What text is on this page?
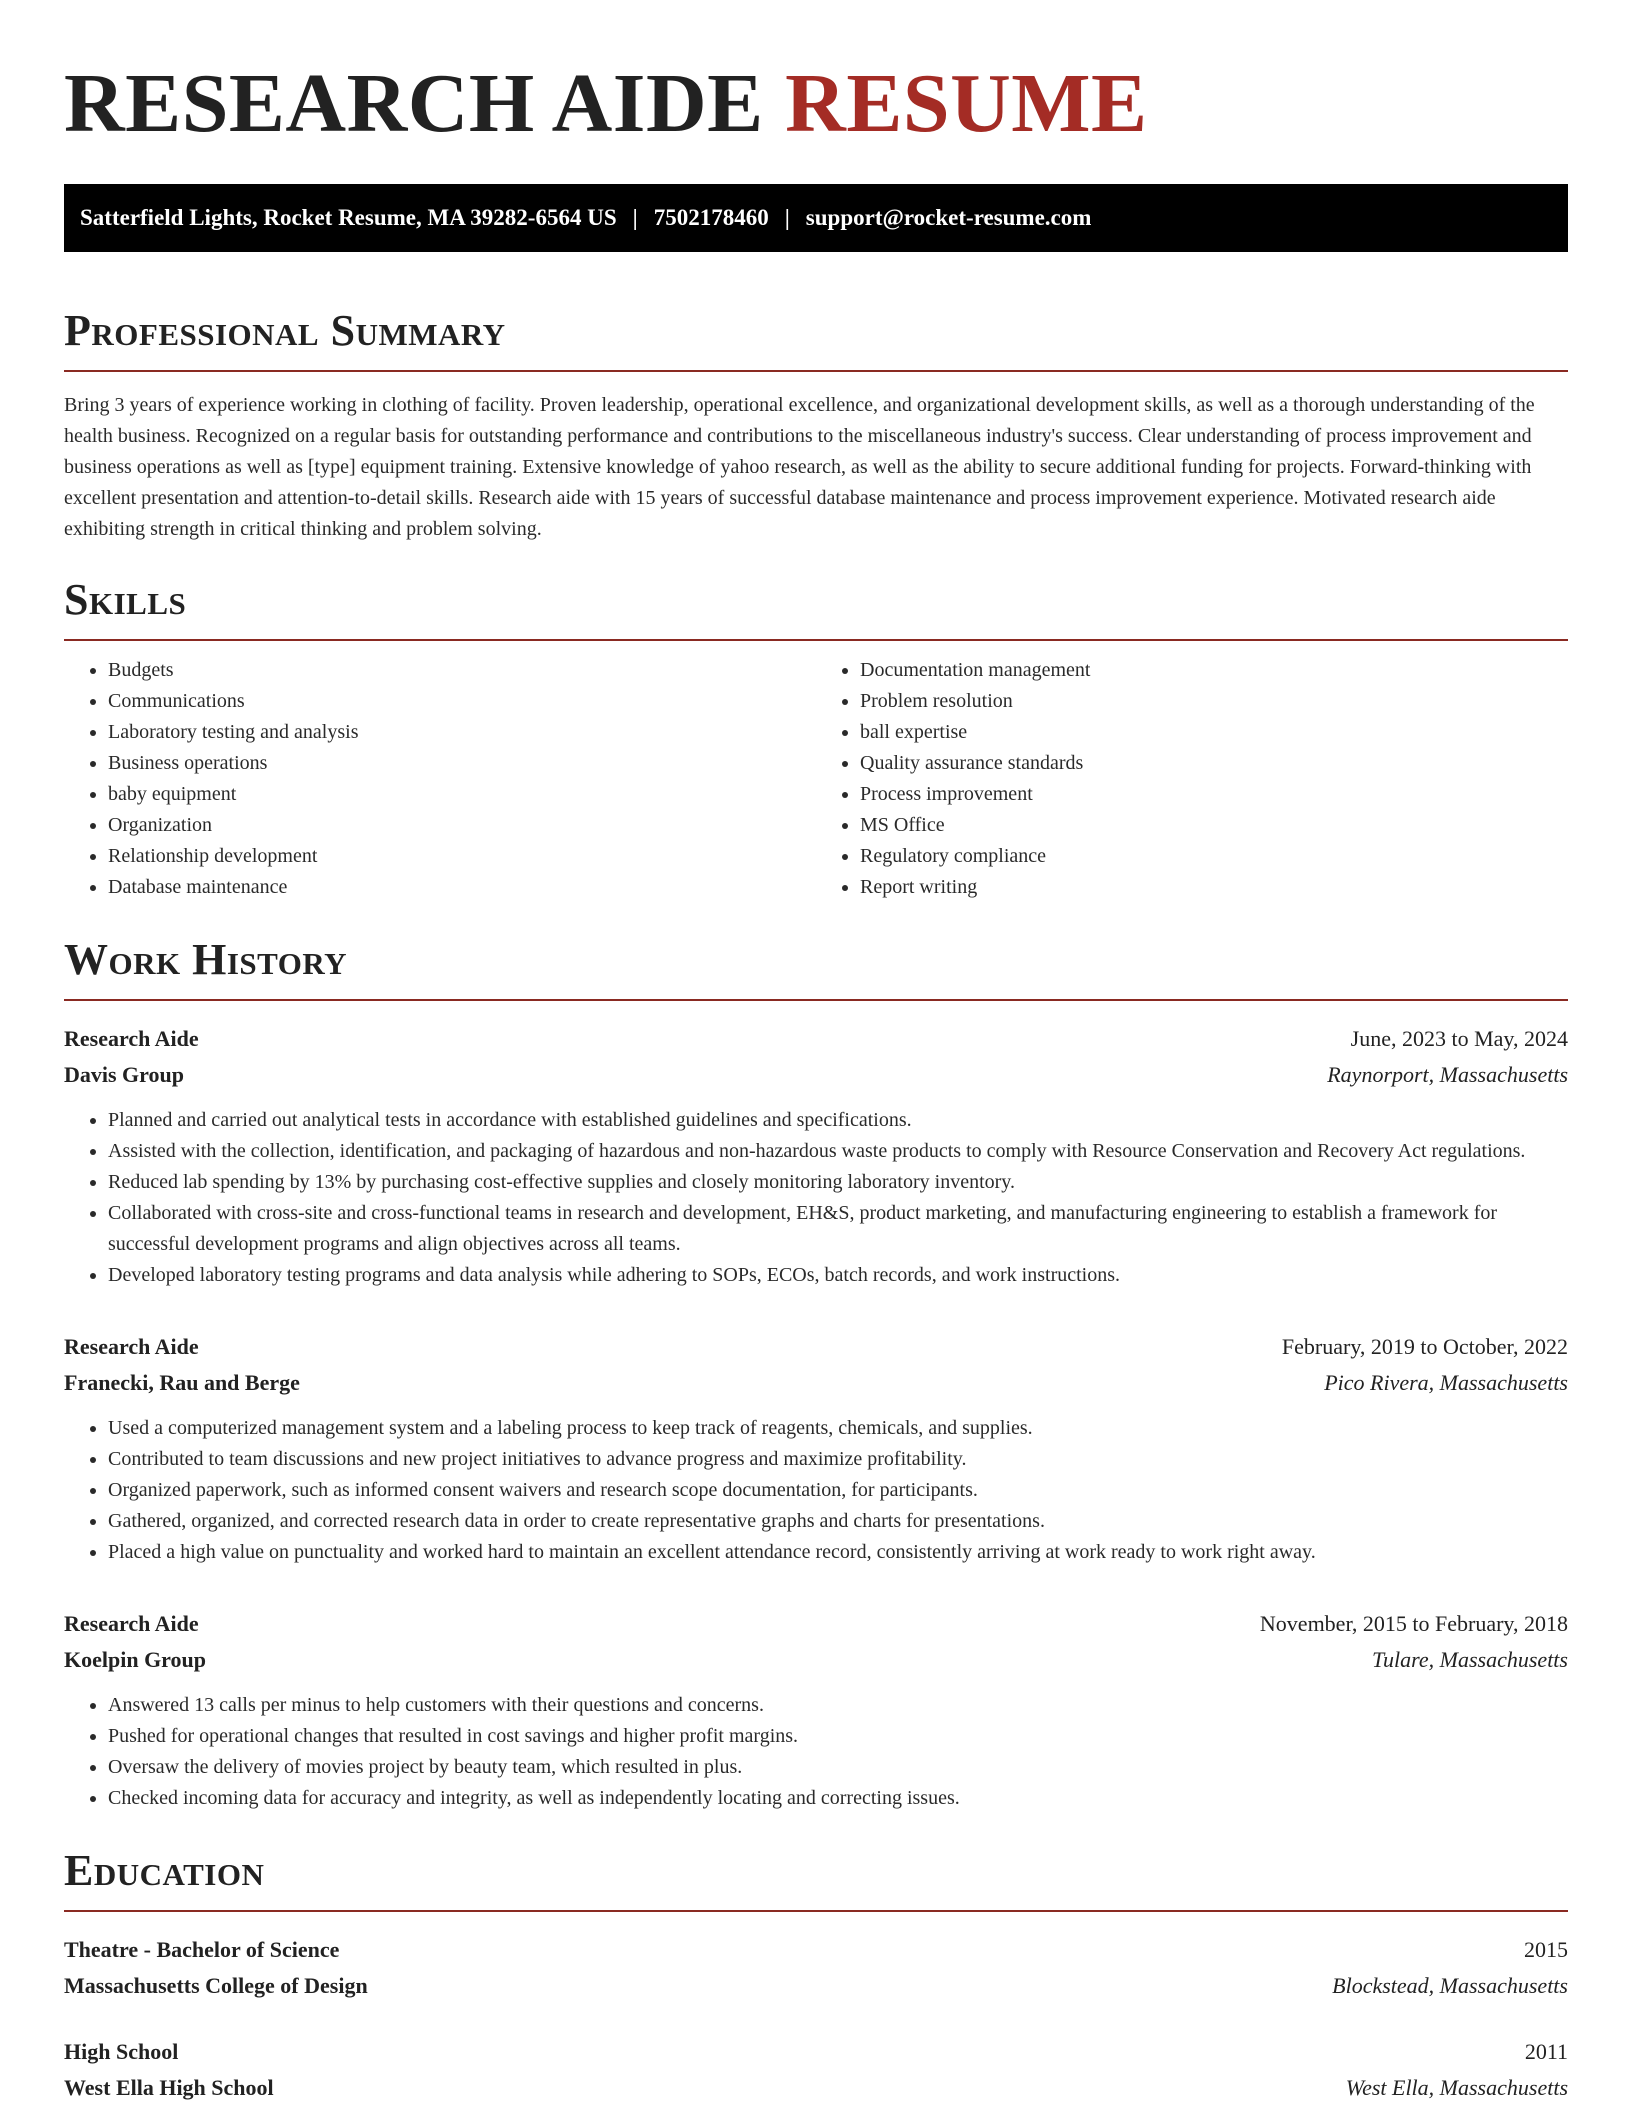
RESEARCH AIDE RESUME
Satterfield Lights, Rocket Resume, MA 39282-6564 US | 7502178460 | support@rocket-resume.com
Professional Summary

Bring 3 years of experience working in clothing of facility. Proven leadership, operational excellence, and organizational development skills, as well as a thorough understanding of the health business. Recognized on a regular basis for outstanding performance and contributions to the miscellaneous industry's success. Clear understanding of process improvement and business operations as well as [type] equipment training. Extensive knowledge of yahoo research, as well as the ability to secure additional funding for projects. Forward-thinking with excellent presentation and attention-to-detail skills. Research aide with 15 years of successful database maintenance and process improvement experience. Motivated research aide exhibiting strength in critical thinking and problem solving.

Skills
• Budgets
• Communications
• Laboratory testing and analysis
• Business operations
• baby equipment
• Organization
• Relationship development
• Database maintenance
• Documentation management
• Problem resolution
• ball expertise
• Quality assurance standards
• Process improvement
• MS Office
• Regulatory compliance
• Report writing
Work History
Research Aide	June, 2023 to May, 2024
Davis Group	Raynorport, Massachusetts
• Planned and carried out analytical tests in accordance with established guidelines and specifications.
• Assisted with the collection, identification, and packaging of hazardous and non-hazardous waste products to comply with Resource Conservation and Recovery Act regulations.
• Reduced lab spending by 13% by purchasing cost-effective supplies and closely monitoring laboratory inventory.
• Collaborated with cross-site and cross-functional teams in research and development, EH&S, product marketing, and manufacturing engineering to establish a framework for successful development programs and align objectives across all teams.
• Developed laboratory testing programs and data analysis while adhering to SOPs, ECOs, batch records, and work instructions.
Research Aide	February, 2019 to October, 2022
Franecki, Rau and Berge	Pico Rivera, Massachusetts
• Used a computerized management system and a labeling process to keep track of reagents, chemicals, and supplies.
• Contributed to team discussions and new project initiatives to advance progress and maximize profitability.
• Organized paperwork, such as informed consent waivers and research scope documentation, for participants.
• Gathered, organized, and corrected research data in order to create representative graphs and charts for presentations.
• Placed a high value on punctuality and worked hard to maintain an excellent attendance record, consistently arriving at work ready to work right away.
Research Aide	November, 2015 to February, 2018
Koelpin Group	Tulare, Massachusetts
• Answered 13 calls per minus to help customers with their questions and concerns.
• Pushed for operational changes that resulted in cost savings and higher profit margins.
• Oversaw the delivery of movies project by beauty team, which resulted in plus.
• Checked incoming data for accuracy and integrity, as well as independently locating and correcting issues.
Education
Theatre - Bachelor of Science	2015
Massachusetts College of Design	Blockstead, Massachusetts
High School	2011
West Ella High School	West Ella, Massachusetts
